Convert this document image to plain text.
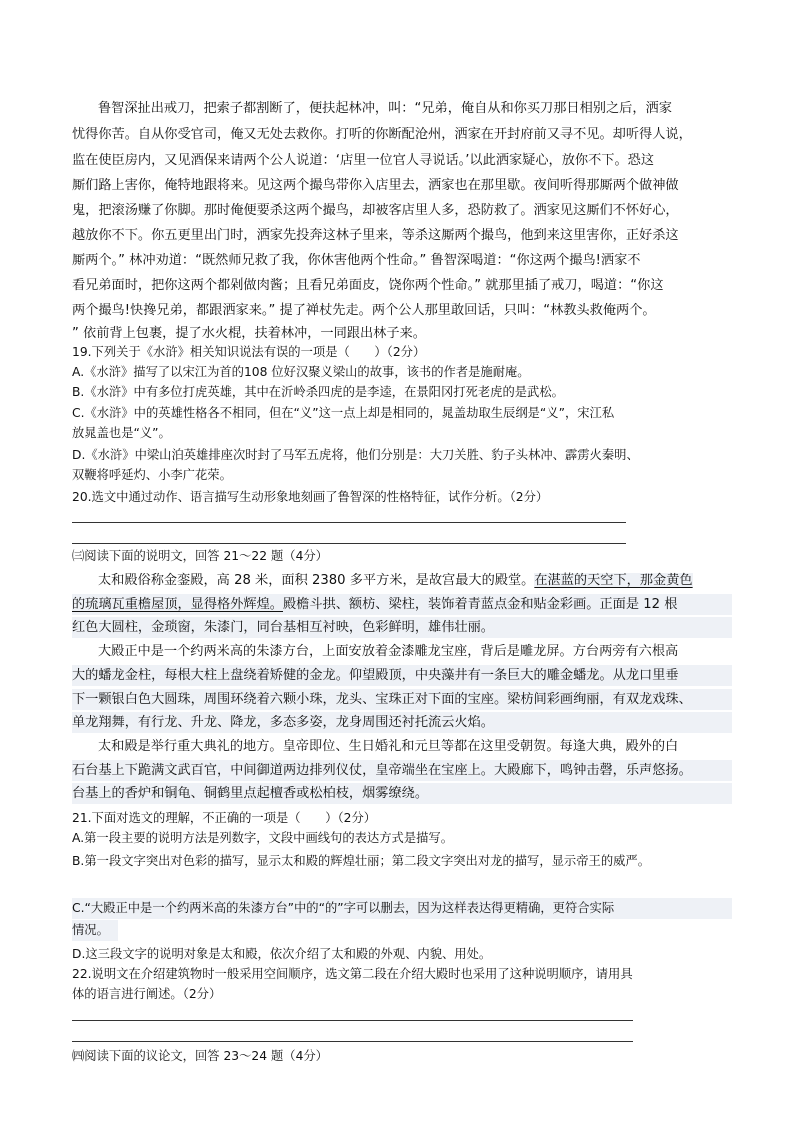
鲁智深扯出戒刀，把索子都割断了，便扶起林冲，叫：“兄弟，俺自从和你买刀那日相别之后，洒家
忧得你苦。自从你受官司，俺又无处去救你。打听的你断配沧州，洒家在开封府前又寻不见。却听得人说，
监在使臣房内，又见酒保来请两个公人说道：‘店里一位官人寻说话。’以此洒家疑心，放你不下。恐这
厮们路上害你，俺特地跟将来。见这两个撮鸟带你入店里去，洒家也在那里歇。夜间听得那厮两个做神做
鬼，把滚汤赚了你脚。那时俺便要杀这两个撮鸟，却被客店里人多，恐防救了。洒家见这厮们不怀好心，
越放你不下。你五更里出门时，洒家先投奔这林子里来，等杀这厮两个撮鸟，他到来这里害你，正好杀这
厮两个。” 林冲劝道：“既然师兄救了我，你休害他两个性命。” 鲁智深喝道：“你这两个撮鸟!洒家不
看兄弟面时，把你这两个都剁做肉酱；且看兄弟面皮，饶你两个性命。” 就那里插了戒刀，喝道：“你这
两个撮鸟!快搀兄弟，都跟洒家来。” 提了禅杖先走。两个公人那里敢回话，只叫：“林教头救俺两个。
” 依前背上包裹，提了水火棍，扶着林冲，一同跟出林子来。
19.下列关于《水浒》相关知识说法有误的一项是（　　）（2分）
A.《水浒》描写了以宋江为首的108 位好汉聚义梁山的故事，该书的作者是施耐庵。
B.《水浒》中有多位打虎英雄，其中在沂岭杀四虎的是李逵，在景阳冈打死老虎的是武松。
C.《水浒》中的英雄性格各不相同，但在“义”这一点上却是相同的，晁盖劫取生辰纲是“义”，宋江私
放晁盖也是“义”。
D.《水浒》中梁山泊英雄排座次时封了马军五虎将，他们分别是：大刀关胜、豹子头林冲、霹雳火秦明、
双鞭将呼延灼、小李广花荣。
20.选文中通过动作、语言描写生动形象地刻画了鲁智深的性格特征，试作分析。（2分）
㈢阅读下面的说明文，回答 21～22 题（4分）
太和殿俗称金銮殿，高 28 米，面积 2380 多平方米，是故宫最大的殿堂。在湛蓝的天空下，那金黄色
的琉璃瓦重檐屋顶，显得格外辉煌。殿檐斗拱、额枋、梁柱，装饰着青蓝点金和贴金彩画。正面是 12 根
红色大圆柱，金琐窗，朱漆门，同台基相互衬映，色彩鲜明，雄伟壮丽。
大殿正中是一个约两米高的朱漆方台，上面安放着金漆雕龙宝座，背后是雕龙屏。方台两旁有六根高
大的蟠龙金柱，每根大柱上盘绕着矫健的金龙。仰望殿顶，中央藻井有一条巨大的雕金蟠龙。从龙口里垂
下一颗银白色大圆珠，周围环绕着六颗小珠，龙头、宝珠正对下面的宝座。梁枋间彩画绚丽，有双龙戏珠、
单龙翔舞，有行龙、升龙、降龙，多态多姿，龙身周围还衬托流云火焰。
太和殿是举行重大典礼的地方。皇帝即位、生日婚礼和元旦等都在这里受朝贺。每逢大典，殿外的白
石台基上下跪满文武百官，中间御道两边排列仪仗，皇帝端坐在宝座上。大殿廊下，鸣钟击磬，乐声悠扬。
台基上的香炉和铜龟、铜鹤里点起檀香或松柏枝，烟雾缭绕。
21.下面对选文的理解，不正确的一项是（　　）（2分）
A.第一段主要的说明方法是列数字，文段中画线句的表达方式是描写。
B.第一段文字突出对色彩的描写，显示太和殿的辉煌壮丽；第二段文字突出对龙的描写，显示帝王的威严。
C.“大殿正中是一个约两米高的朱漆方台”中的“的”字可以删去，因为这样表达得更精确，更符合实际
情况。
D.这三段文字的说明对象是太和殿，依次介绍了太和殿的外观、内貌、用处。
22.说明文在介绍建筑物时一般采用空间顺序，选文第二段在介绍大殿时也采用了这种说明顺序，请用具
体的语言进行阐述。（2分）
㈣阅读下面的议论文，回答 23～24 题（4分）
